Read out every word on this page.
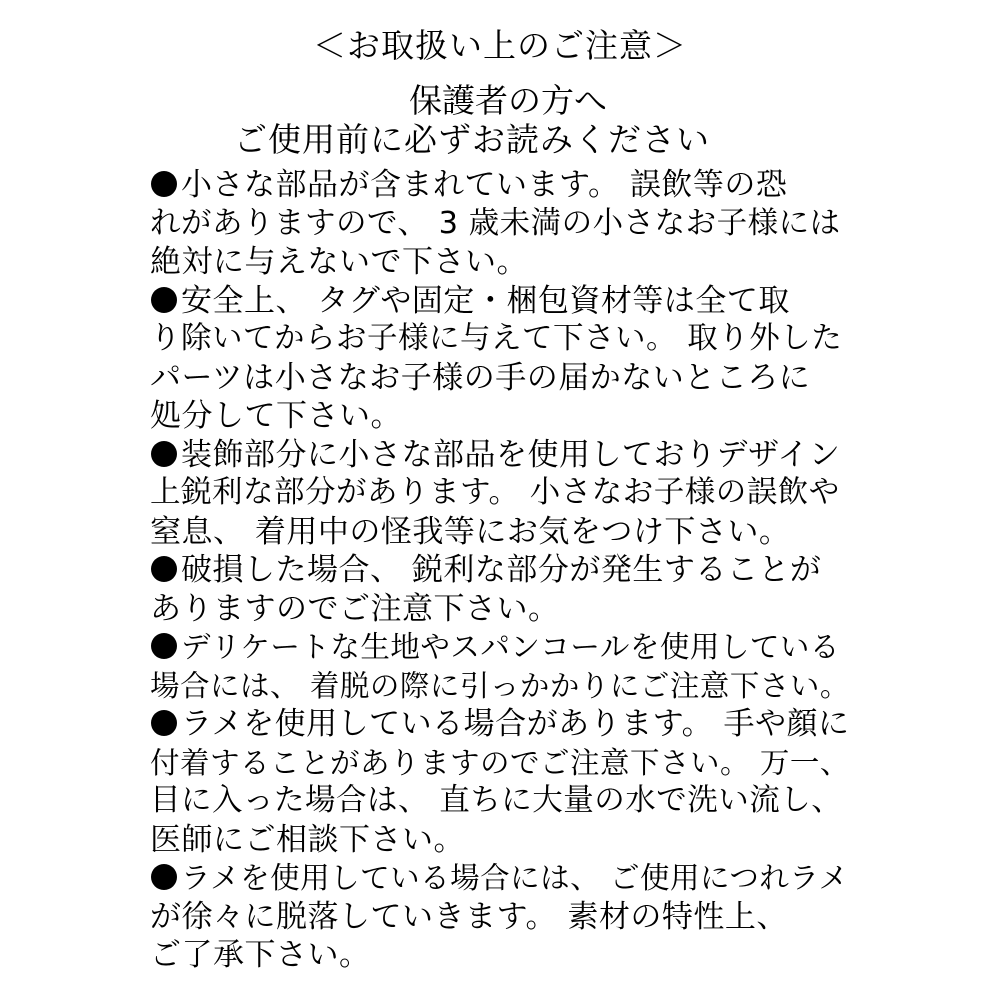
＜お取扱い上のご注意＞
保護者の方へ
ご使用前に必ずお読みください
小さな部品が含まれています。 誤飲等の恐
れがありますので、 3 歳未満の小さなお子様には
絶対に与えないで下さい。
安全上、 タグや固定・梱包資材等は全て取
り除いてからお子様に与えて下さい。 取り外した
パーツは小さなお子様の手の届かないところに
処分して下さい。
装飾部分に小さな部品を使用しておりデザイン
上鋭利な部分があります。 小さなお子様の誤飲や
窒息、 着用中の怪我等にお気をつけ下さい。
破損した場合、 鋭利な部分が発生することが
ありますのでご注意下さい。
デリケートな生地やスパンコールを使用している
場合には、 着脱の際に引っかかりにご注意下さい。
ラメを使用している場合があります。 手や顔に
付着することがありますのでご注意下さい。 万一、
目に入った場合は、 直ちに大量の水で洗い流し、
医師にご相談下さい。
ラメを使用している場合には、 ご使用につれラメ
が徐々に脱落していきます。 素材の特性上、
ご了承下さい。
